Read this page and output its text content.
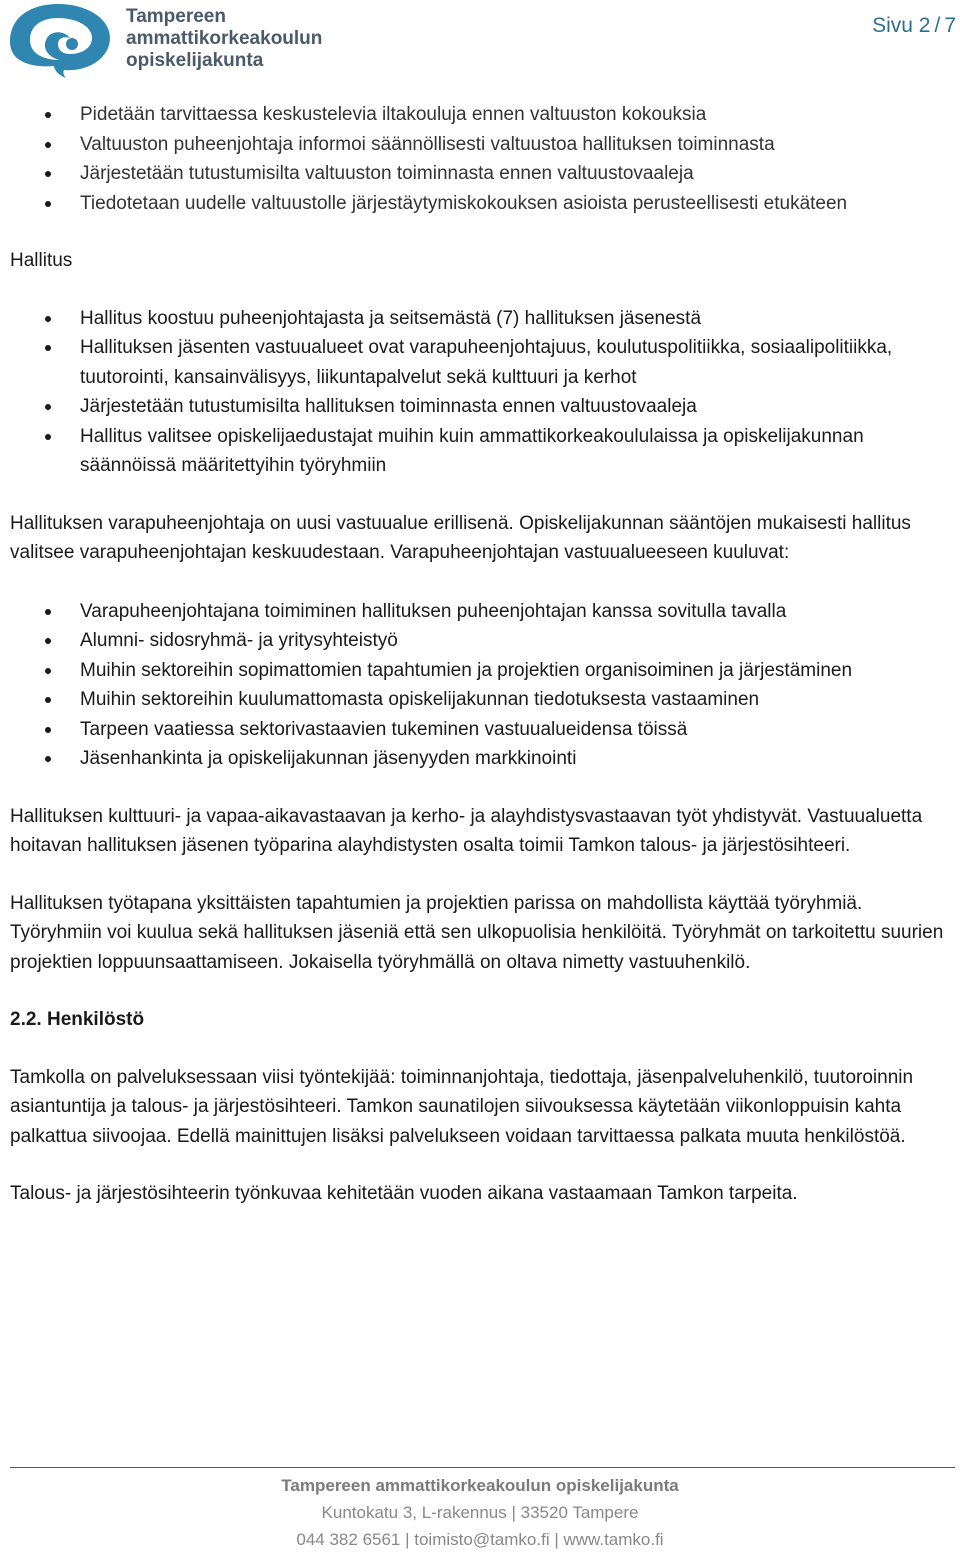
Tampereen
ammattikorkeakoulun
opiskelijakunta
Sivu 2 / 7
Pidetään tarvittaessa keskustelevia iltakouluja ennen valtuuston kokouksia
Valtuuston puheenjohtaja informoi säännöllisesti valtuustoa hallituksen toiminnasta
Järjestetään tutustumisilta valtuuston toiminnasta ennen valtuustovaaleja
Tiedotetaan uudelle valtuustolle järjestäytymiskokouksen asioista perusteellisesti etukäteen

Hallitus

Hallitus koostuu puheenjohtajasta ja seitsemästä (7) hallituksen jäsenestä
Hallituksen jäsenten vastuualueet ovat varapuheenjohtajuus, koulutuspolitiikka, sosiaalipolitiikka, tuutorointi, kansainvälisyys, liikuntapalvelut sekä kulttuuri ja kerhot
Järjestetään tutustumisilta hallituksen toiminnasta ennen valtuustovaaleja
Hallitus valitsee opiskelijaedustajat muihin kuin ammattikorkeakoululaissa ja opiskelijakunnan säännöissä määritettyihin työryhmiin

Hallituksen varapuheenjohtaja on uusi vastuualue erillisenä. Opiskelijakunnan sääntöjen mukaisesti hallitus valitsee varapuheenjohtajan keskuudestaan. Varapuheenjohtajan vastuualueeseen kuuluvat:

Varapuheenjohtajana toimiminen hallituksen puheenjohtajan kanssa sovitulla tavalla
Alumni- sidosryhmä- ja yritysyhteistyö
Muihin sektoreihin sopimattomien tapahtumien ja projektien organisoiminen ja järjestäminen
Muihin sektoreihin kuulumattomasta opiskelijakunnan tiedotuksesta vastaaminen
Tarpeen vaatiessa sektorivastaavien tukeminen vastuualueidensa töissä
Jäsenhankinta ja opiskelijakunnan jäsenyyden markkinointi

Hallituksen kulttuuri- ja vapaa-aikavastaavan ja kerho- ja alayhdistysvastaavan työt yhdistyvät. Vastuualuetta hoitavan hallituksen jäsenen työparina alayhdistysten osalta toimii Tamkon talous- ja järjestösihteeri.

Hallituksen työtapana yksittäisten tapahtumien ja projektien parissa on mahdollista käyttää työryhmiä. Työryhmiin voi kuulua sekä hallituksen jäseniä että sen ulkopuolisia henkilöitä. Työryhmät on tarkoitettu suurien projektien loppuunsaattamiseen. Jokaisella työryhmällä on oltava nimetty vastuuhenkilö.

2.2. Henkilöstö

Tamkolla on palveluksessaan viisi työntekijää: toiminnanjohtaja, tiedottaja, jäsenpalveluhenkilö, tuutoroinnin asiantuntija ja talous- ja järjestösihteeri. Tamkon saunatilojen siivouksessa käytetään viikonloppuisin kahta palkattua siivoojaa. Edellä mainittujen lisäksi palvelukseen voidaan tarvittaessa palkata muuta henkilöstöä.

Talous- ja järjestösihteerin työnkuvaa kehitetään vuoden aikana vastaamaan Tamkon tarpeita.

Tampereen ammattikorkeakoulun opiskelijakunta
Kuntokatu 3, L-rakennus | 33520 Tampere
044 382 6561 | toimisto@tamko.fi | www.tamko.fi
